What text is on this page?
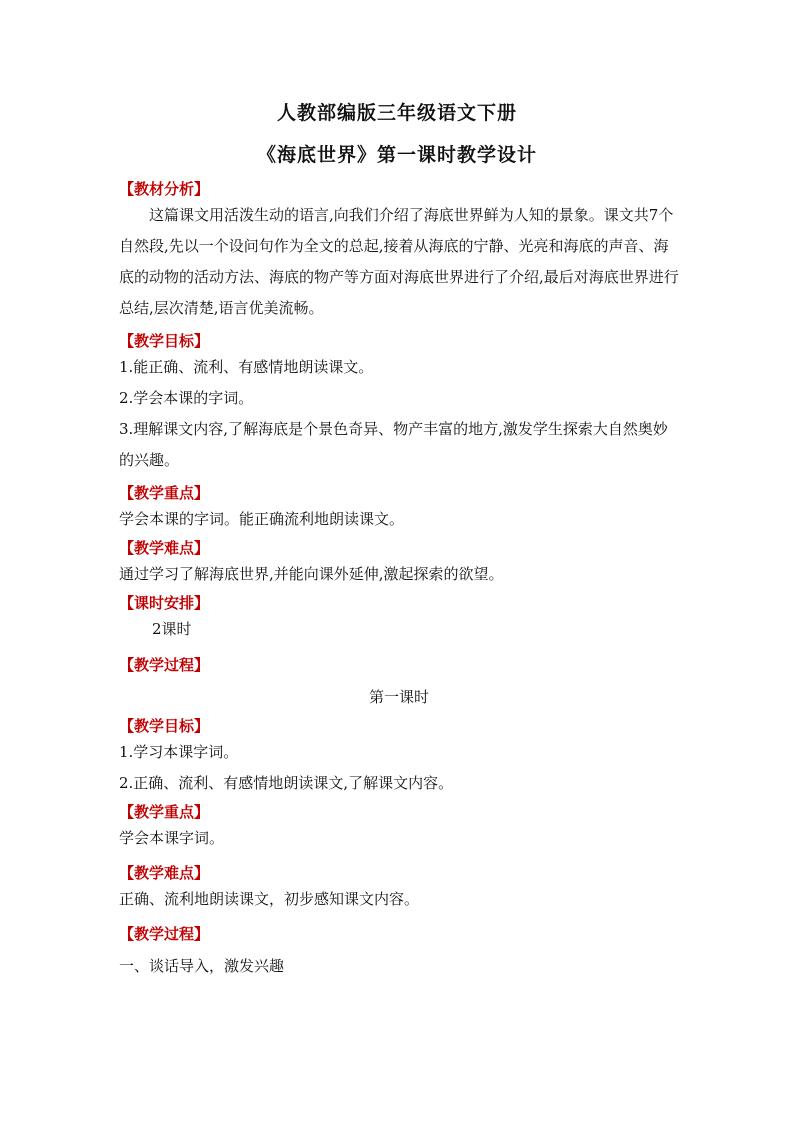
人教部编版三年级语文下册
《海底世界》第一课时教学设计
【教材分析】
这篇课文用活泼生动的语言,向我们介绍了海底世界鲜为人知的景象。课文共7个自然段,先以一个设问句作为全文的总起,接着从海底的宁静、光亮和海底的声音、海底的动物的活动方法、海底的物产等方面对海底世界进行了介绍,最后对海底世界进行总结,层次清楚,语言优美流畅。
【教学目标】
1.能正确、流利、有感情地朗读课文。
2.学会本课的字词。
3.理解课文内容,了解海底是个景色奇异、物产丰富的地方,激发学生探索大自然奥妙的兴趣。
【教学重点】
学会本课的字词。能正确流利地朗读课文。
【教学难点】
通过学习了解海底世界,并能向课外延伸,激起探索的欲望。
【课时安排】
2课时
【教学过程】
第一课时
【教学目标】
1.学习本课字词。
2.正确、流利、有感情地朗读课文,了解课文内容。
【教学重点】
学会本课字词。
【教学难点】
正确、流利地朗读课文，初步感知课文内容。
【教学过程】
一、谈话导入，激发兴趣
